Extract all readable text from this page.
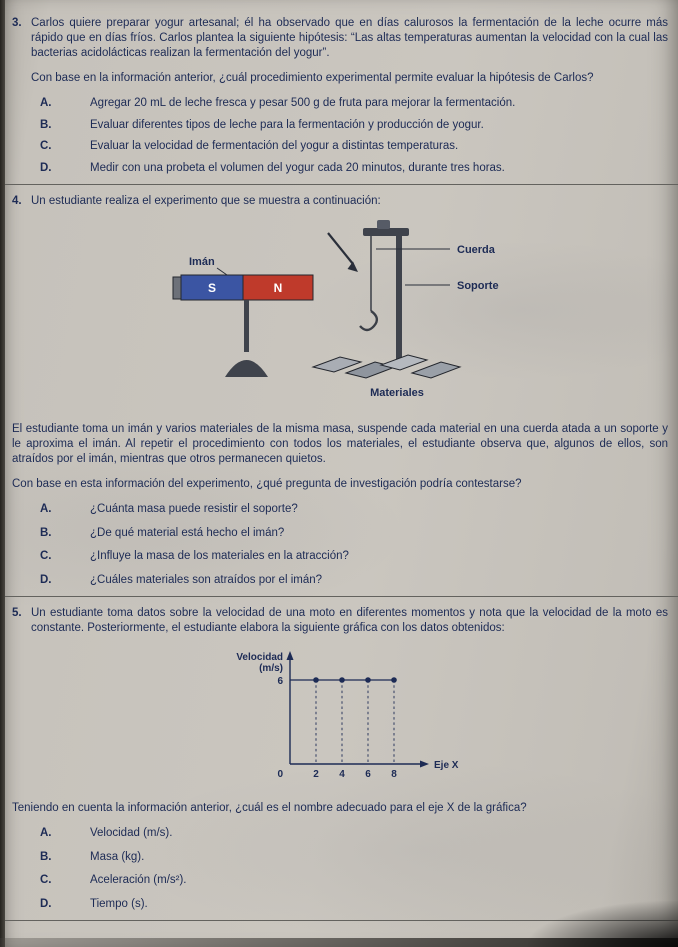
3. Carlos quiere preparar yogur artesanal; él ha observado que en días calurosos la fermentación de la leche ocurre más rápido que en días fríos. Carlos plantea la siguiente hipótesis: “Las altas temperaturas aumentan la velocidad con la cual las bacterias acidolácticas realizan la fermentación del yogur”.

Con base en la información anterior, ¿cuál procedimiento experimental permite evaluar la hipótesis de Carlos?

A.	Agregar 20 mL de leche fresca y pesar 500 g de fruta para mejorar la fermentación.
B.	Evaluar diferentes tipos de leche para la fermentación y producción de yogur.
C.	Evaluar la velocidad de fermentación del yogur a distintas temperaturas.
D.	Medir con una probeta el volumen del yogur cada 20 minutos, durante tres horas.
4. Un estudiante realiza el experimento que se muestra a continuación:

Cuerda
Soporte
Imán
S	N
Materiales

El estudiante toma un imán y varios materiales de la misma masa, suspende cada material en una cuerda atada a un soporte y le aproxima el imán. Al repetir el procedimiento con todos los materiales, el estudiante observa que, algunos de ellos, son atraídos por el imán, mientras que otros permanecen quietos.

Con base en esta información del experimento, ¿qué pregunta de investigación podría contestarse?

A.	¿Cuánta masa puede resistir el soporte?
B.	¿De qué material está hecho el imán?
C.	¿Influye la masa de los materiales en la atracción?
D.	¿Cuáles materiales son atraídos por el imán?
5. Un estudiante toma datos sobre la velocidad de una moto en diferentes momentos y nota que la velocidad de la moto es constante. Posteriormente, el estudiante elabora la siguiente gráfica con los datos obtenidos:

Velocidad
(m/s)
Eje X
6
0	2 4 6 8

Teniendo en cuenta la información anterior, ¿cuál es el nombre adecuado para el eje X de la gráfica?

A.	Velocidad (m/s).
B.	Masa (kg).
C.	Aceleración (m/s²).
D.	Tiempo (s).
